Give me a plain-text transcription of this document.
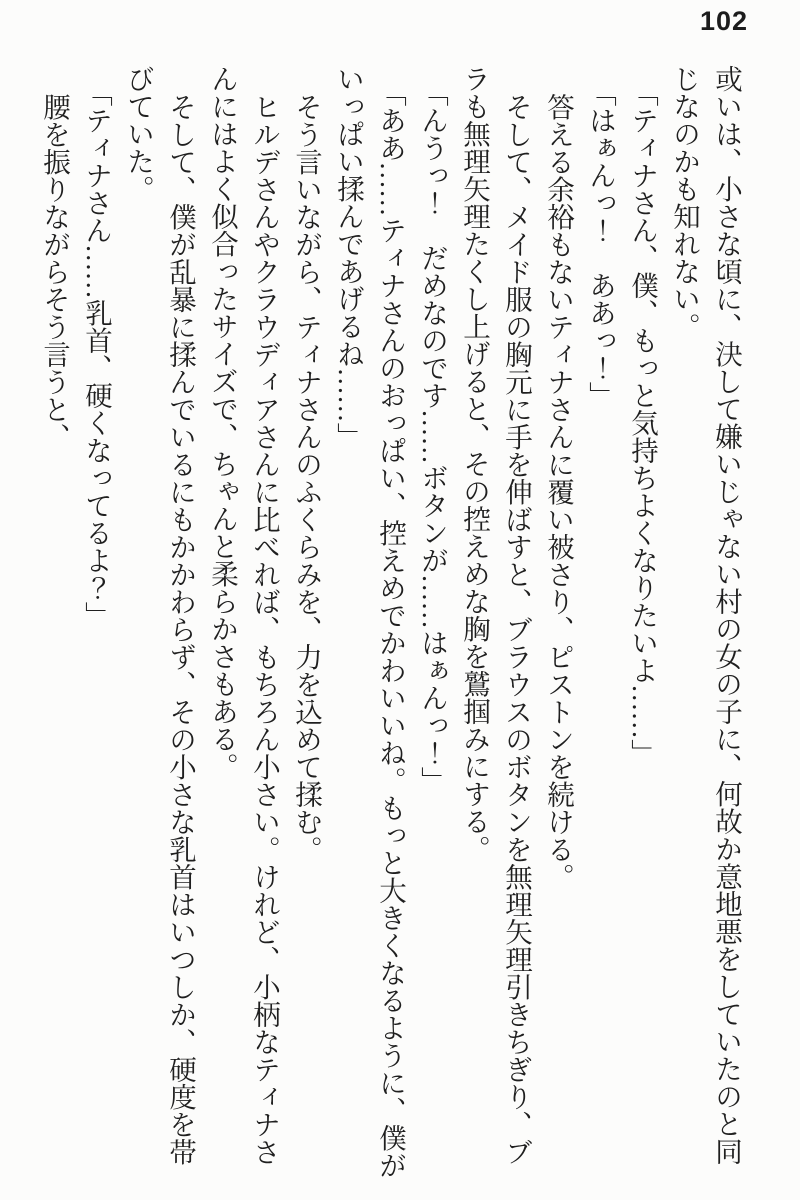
102

或いは、小さな頃に、決して嫌いじゃない村の女の子に、何故か意地悪をしていたのと同

じなのかも知れない。

「ティナさん、僕、もっと気持ちよくなりたいよ……」

「はぁんっ！　ああっ！」

答える余裕もないティナさんに覆い被さり、ピストンを続ける。

そして、メイド服の胸元に手を伸ばすと、ブラウスのボタンを無理矢理引きちぎり、ブ

ラも無理矢理たくし上げると、その控えめな胸を鷲掴みにする。

「んうっ！　だめなのです……ボタンが……はぁんっ！」

「ああ……ティナさんのおっぱい、控えめでかわいいね。もっと大きくなるように、僕が

いっぱい揉んであげるね……」

そう言いながら、ティナさんのふくらみを、力を込めて揉む。

ヒルデさんやクラウディアさんに比べれば、もちろん小さい。けれど、小柄なティナさ

んにはよく似合ったサイズで、ちゃんと柔らかさもある。

そして、僕が乱暴に揉んでいるにもかかわらず、その小さな乳首はいつしか、硬度を帯

びていた。

「ティナさん……乳首、硬くなってるよ？」

腰を振りながらそう言うと、
